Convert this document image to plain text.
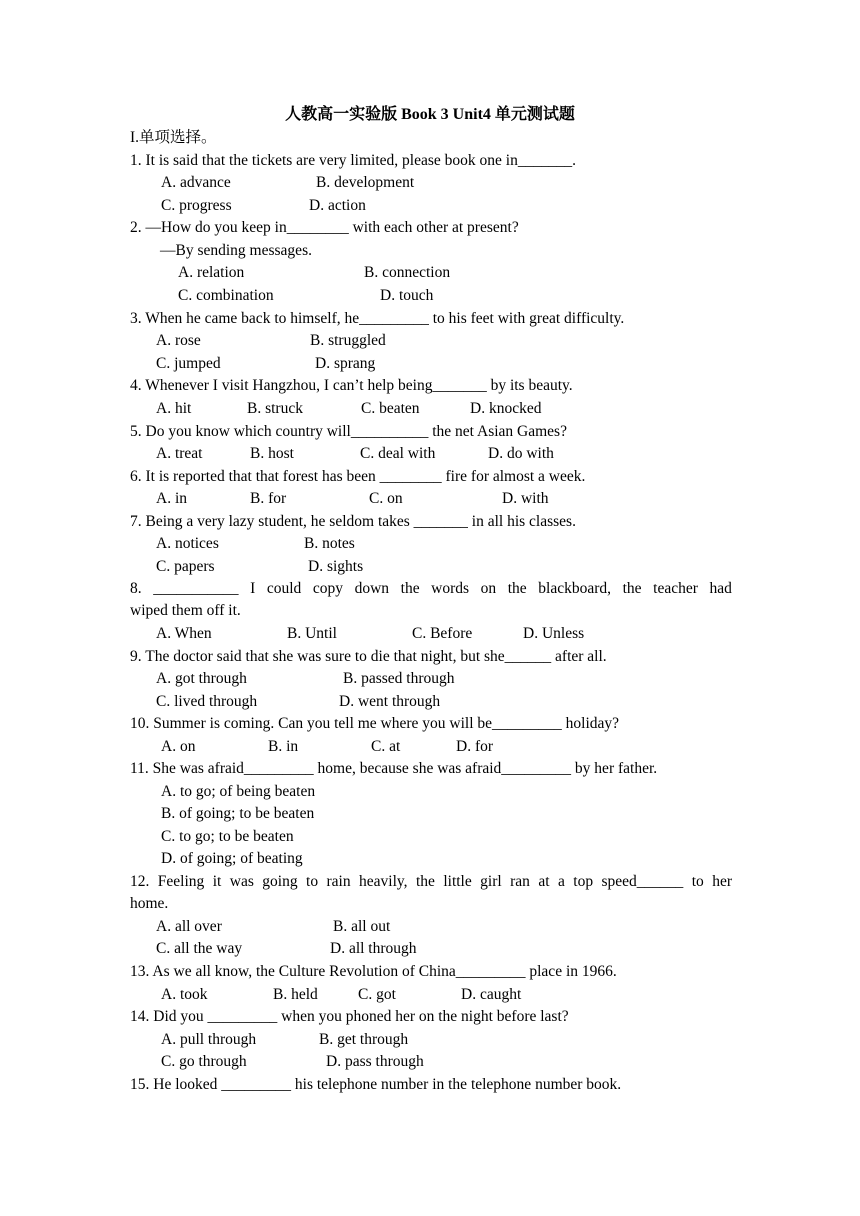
人教高一实验版 Book 3 Unit4 单元测试题
I.单项选择。
1. It is said that the tickets are very limited, please book one in_______.
A. advance	B. development
C. progress	D. action
2. —How do you keep in________ with each other at present?
—By sending messages.
A. relation	B. connection
C. combination	D. touch
3. When he came back to himself, he_________ to his feet with great difficulty.
A. rose	B. struggled
C. jumped	D. sprang
4. Whenever I visit Hangzhou, I can’t help being_______ by its beauty.
A. hit	B. struck	C. beaten	D. knocked
5. Do you know which country will__________ the net Asian Games?
A. treat	B. host	C. deal with	D. do with
6. It is reported that that forest has been ________ fire for almost a week.
A. in	B. for	C. on	D. with
7. Being a very lazy student, he seldom takes _______ in all his classes.
A. notices	B. notes
C. papers	D. sights
8. ___________ I could copy down the words on the blackboard, the teacher had
wiped them off it.
A. When	B. Until	C. Before	D. Unless
9. The doctor said that she was sure to die that night, but she______ after all.
A. got through	B. passed through
C. lived through	D. went through
10. Summer is coming. Can you tell me where you will be_________ holiday?
A. on	B. in	C. at	D. for
11. She was afraid_________ home, because she was afraid_________ by her father.
A. to go; of being beaten
B. of going; to be beaten
C. to go; to be beaten
D. of going; of beating
12. Feeling it was going to rain heavily, the little girl ran at a top speed______ to her
home.
A. all over	B. all out
C. all the way	D. all through
13. As we all know, the Culture Revolution of China_________ place in 1966.
A. took	B. held	C. got	D. caught
14. Did you _________ when you phoned her on the night before last?
A. pull through	B. get through
C. go through	D. pass through
15. He looked _________ his telephone number in the telephone number book.
